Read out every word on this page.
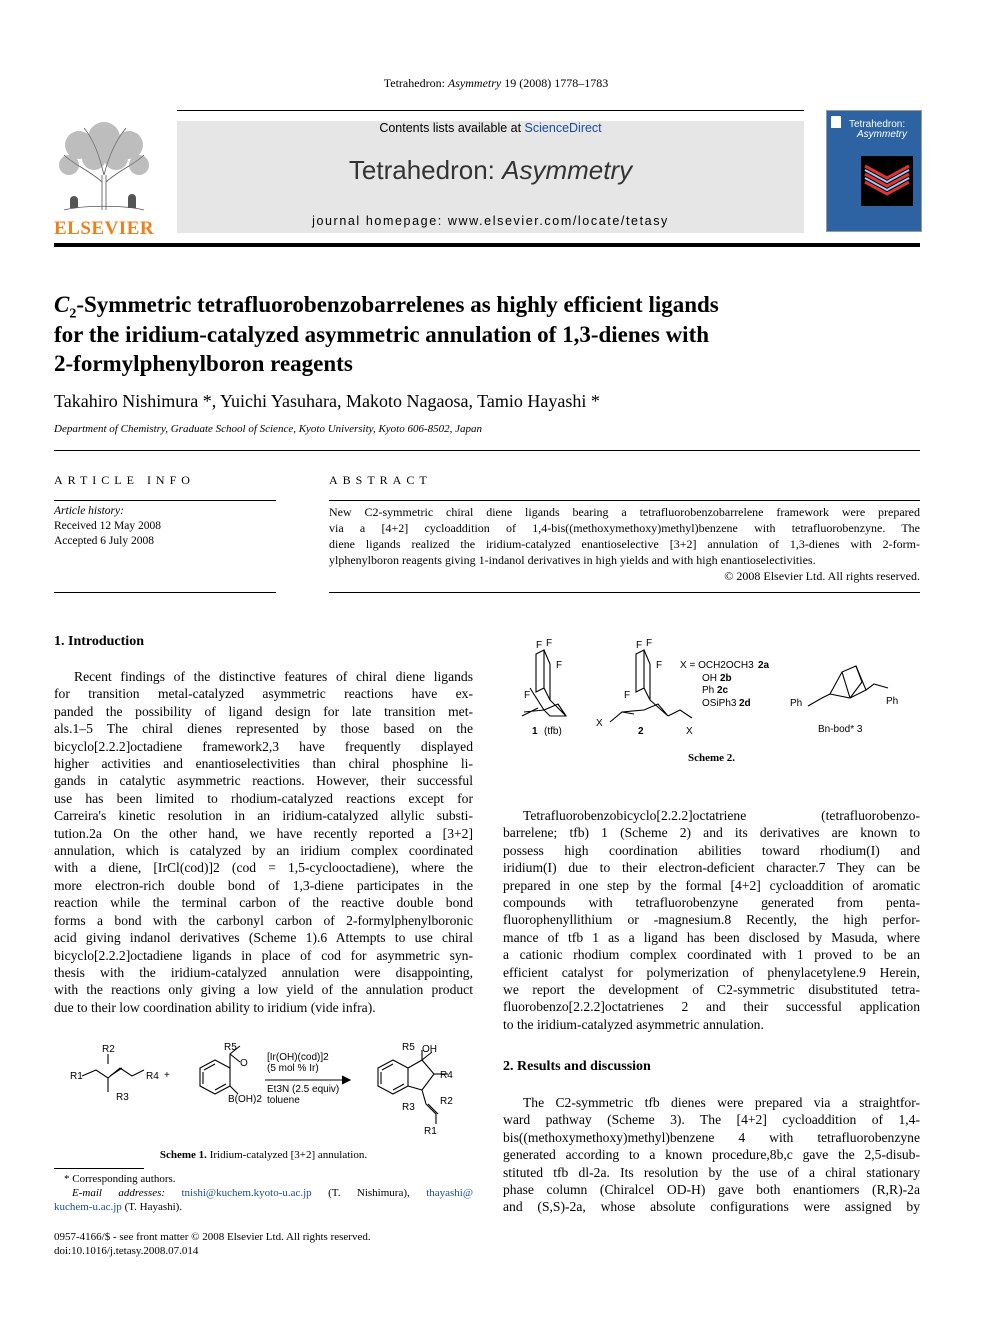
Tetrahedron: Asymmetry 19 (2008) 1778–1783
ELSEVIER
Contents lists available at ScienceDirect
Tetrahedron: Asymmetry
journal homepage: www.elsevier.com/locate/tetasy
Tetrahedron:
Asymmetry
$C_2$-Symmetric tetrafluorobenzobarrelenes as highly efficient ligands
for the iridium-catalyzed asymmetric annulation of 1,3-dienes with
2-formylphenylboron reagents
Takahiro Nishimura *, Yuichi Yasuhara, Makoto Nagaosa, Tamio Hayashi *
Department of Chemistry, Graduate School of Science, Kyoto University, Kyoto 606-8502, Japan
ARTICLE INFO
Article history:
Received 12 May 2008
Accepted 6 July 2008
ABSTRACT
New C2-symmetric chiral diene ligands bearing a tetrafluorobenzobarrelene framework were prepared
via a [4+2] cycloaddition of 1,4-bis((methoxymethoxy)methyl)benzene with tetrafluorobenzyne. The
diene ligands realized the iridium-catalyzed enantioselective [3+2] annulation of 1,3-dienes with 2-form-
ylphenylboron reagents giving 1-indanol derivatives in high yields and with high enantioselectivities.
© 2008 Elsevier Ltd. All rights reserved.
1. Introduction
Recent findings of the distinctive features of chiral diene ligands
for transition metal-catalyzed asymmetric reactions have ex-
panded the possibility of ligand design for late transition met-
als.1–5 The chiral dienes represented by those based on the
bicyclo[2.2.2]octadiene framework2,3 have frequently displayed
higher activities and enantioselectivities than chiral phosphine li-
gands in catalytic asymmetric reactions. However, their successful
use has been limited to rhodium-catalyzed reactions except for
Carreira's kinetic resolution in an iridium-catalyzed allylic substi-
tution.2a On the other hand, we have recently reported a [3+2]
annulation, which is catalyzed by an iridium complex coordinated
with a diene, [IrCl(cod)]2 (cod = 1,5-cyclooctadiene), where the
more electron-rich double bond of 1,3-diene participates in the
reaction while the terminal carbon of the reactive double bond
forms a bond with the carbonyl carbon of 2-formylphenylboronic
acid giving indanol derivatives (Scheme 1).6 Attempts to use chiral
bicyclo[2.2.2]octadiene ligands in place of cod for asymmetric syn-
thesis with the iridium-catalyzed annulation were disappointing,
with the reactions only giving a low yield of the annulation product
due to their low coordination ability to iridium (vide infra).
R1
R2
R4
R3
+
R5
O
B(OH)2
[Ir(OH)(cod)]2
(5 mol % Ir)
Et3N (2.5 equiv)
toluene
R5 OH
R4
R3
R2
R1
Scheme 1. Iridium-catalyzed [3+2] annulation.
* Corresponding authors.
E-mail addresses: tnishi@kuchem.kyoto-u.ac.jp (T. Nishimura), thayashi@
kuchem-u.ac.jp (T. Hayashi).
0957-4166/$ - see front matter © 2008 Elsevier Ltd. All rights reserved.
doi:10.1016/j.tetasy.2008.07.014
F F
F
F
1 (tfb)
F F
F
F
X
X
2
X = OCH2OCH3 2a
OH 2b
Ph 2c
OSiPh3 2d	Ph	Ph
Bn-bod* 3
Scheme 2.
Tetrafluorobenzobicyclo[2.2.2]octatriene (tetrafluorobenzo-
barrelene; tfb) 1 (Scheme 2) and its derivatives are known to
possess high coordination abilities toward rhodium(I) and
iridium(I) due to their electron-deficient character.7 They can be
prepared in one step by the formal [4+2] cycloaddition of aromatic
compounds with tetrafluorobenzyne generated from penta-
fluorophenyllithium or -magnesium.8 Recently, the high perfor-
mance of tfb 1 as a ligand has been disclosed by Masuda, where
a cationic rhodium complex coordinated with 1 proved to be an
efficient catalyst for polymerization of phenylacetylene.9 Herein,
we report the development of C2-symmetric disubstituted tetra-
fluorobenzo[2.2.2]octatrienes 2 and their successful application
to the iridium-catalyzed asymmetric annulation.
2. Results and discussion
The C2-symmetric tfb dienes were prepared via a straightfor-
ward pathway (Scheme 3). The [4+2] cycloaddition of 1,4-
bis((methoxymethoxy)methyl)benzene 4 with tetrafluorobenzyne
generated according to a known procedure,8b,c gave the 2,5-disub-
stituted tfb dl-2a. Its resolution by the use of a chiral stationary
phase column (Chiralcel OD-H) gave both enantiomers (R,R)-2a
and (S,S)-2a, whose absolute configurations were assigned by
